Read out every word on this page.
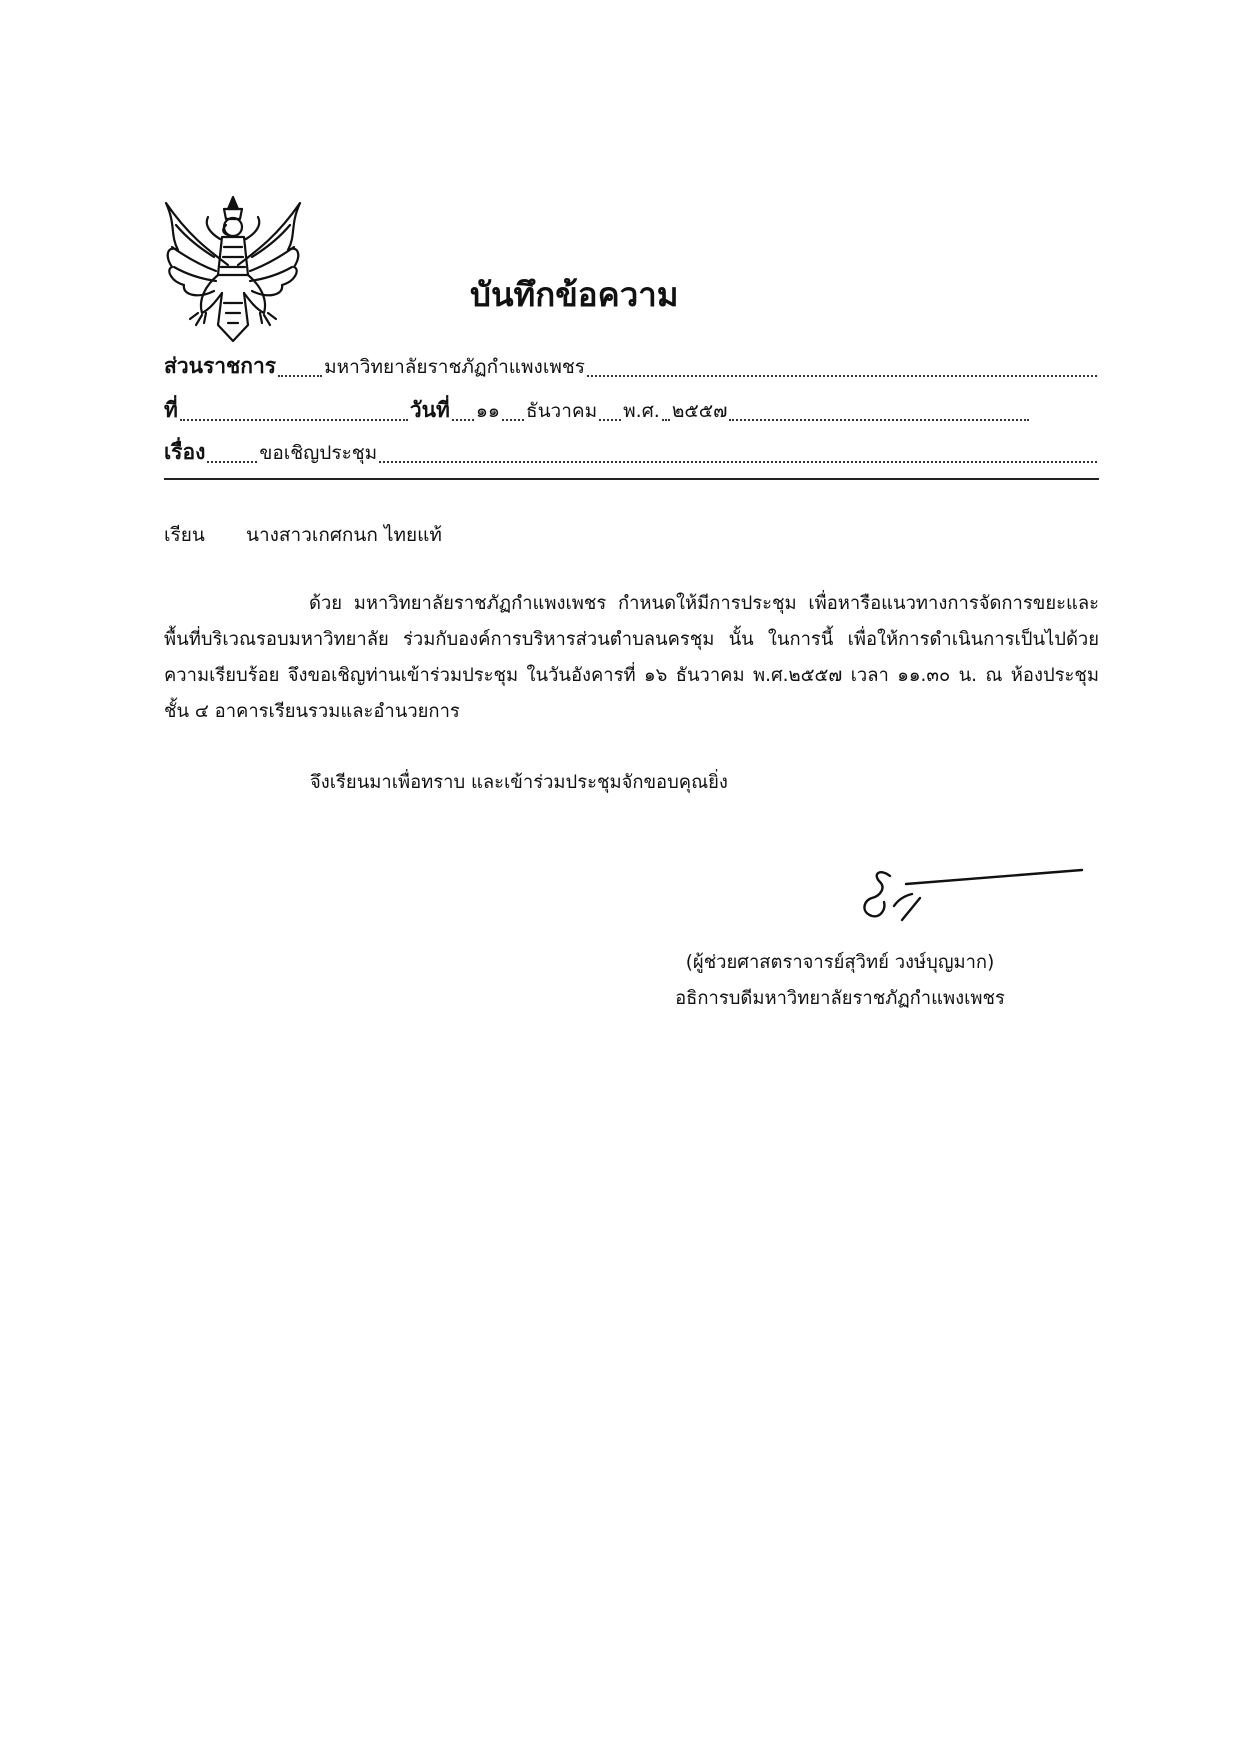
บันทึกข้อความ
ส่วนราชการ	มหาวิทยาลัยราชภัฏกำแพงเพชร
ที่	วันที่ ๑๑ ธันวาคม พ.ศ. ๒๕๕๗
เรื่อง	ขอเชิญประชุม
เรียน นางสาวเกศกนก ไทยแท้
ด้วย มหาวิทยาลัยราชภัฏกำแพงเพชร กำหนดให้มีการประชุม เพื่อหารือแนวทางการจัดการขยะและพื้นที่บริเวณรอบมหาวิทยาลัย ร่วมกับองค์การบริหารส่วนตำบลนครชุม นั้น ในการนี้ เพื่อให้การดำเนินการเป็นไปด้วยความเรียบร้อย จึงขอเชิญท่านเข้าร่วมประชุม ในวันอังคารที่ ๑๖ ธันวาคม พ.ศ.๒๕๕๗ เวลา ๑๑.๓๐ น. ณ ห้องประชุม ชั้น ๔ อาคารเรียนรวมและอำนวยการ
จึงเรียนมาเพื่อทราบ และเข้าร่วมประชุมจักขอบคุณยิ่ง
(ผู้ช่วยศาสตราจารย์สุวิทย์ วงษ์บุญมาก)
อธิการบดีมหาวิทยาลัยราชภัฏกำแพงเพชร
